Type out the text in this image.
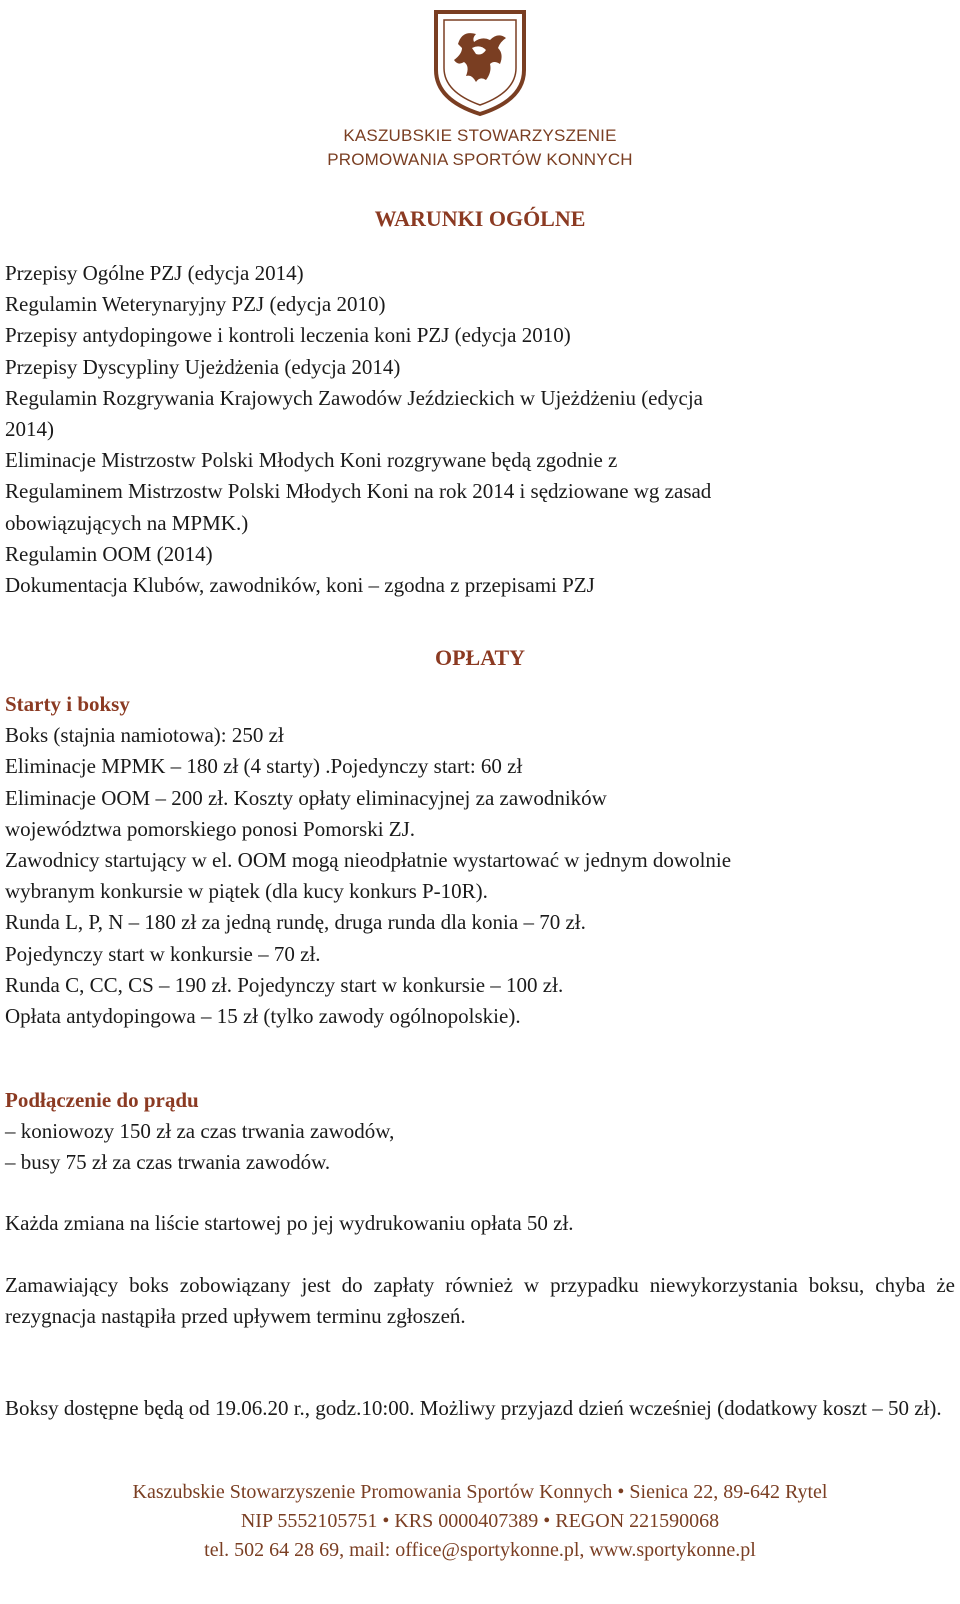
KASZUBSKIE STOWARZYSZENIE
PROMOWANIA SPORTÓW KONNYCH
WARUNKI OGÓLNE
Przepisy Ogólne PZJ (edycja 2014)
Regulamin Weterynaryjny PZJ (edycja 2010)
Przepisy antydopingowe i kontroli leczenia koni PZJ (edycja 2010)
Przepisy Dyscypliny Ujeżdżenia (edycja 2014)
Regulamin Rozgrywania Krajowych Zawodów Jeździeckich w Ujeżdżeniu (edycja
2014)
Eliminacje Mistrzostw Polski Młodych Koni rozgrywane będą zgodnie z
Regulaminem Mistrzostw Polski Młodych Koni na rok 2014 i sędziowane wg zasad
obowiązujących na MPMK.)
Regulamin OOM (2014)
Dokumentacja Klubów, zawodników, koni – zgodna z przepisami PZJ
OPŁATY
Starty i boksy
Boks (stajnia namiotowa): 250 zł
Eliminacje MPMK – 180 zł (4 starty) .Pojedynczy start: 60 zł
Eliminacje OOM – 200 zł. Koszty opłaty eliminacyjnej za zawodników
województwa pomorskiego ponosi Pomorski ZJ.
Zawodnicy startujący w el. OOM mogą nieodpłatnie wystartować w jednym dowolnie
wybranym konkursie w piątek (dla kucy konkurs P-10R).
Runda L, P, N – 180 zł za jedną rundę, druga runda dla konia – 70 zł.
Pojedynczy start w konkursie – 70 zł.
Runda C, CC, CS – 190 zł. Pojedynczy start w konkursie – 100 zł.
Opłata antydopingowa – 15 zł (tylko zawody ogólnopolskie).
Podłączenie do prądu
– koniowozy 150 zł za czas trwania zawodów,
– busy 75 zł za czas trwania zawodów.
Każda zmiana na liście startowej po jej wydrukowaniu opłata 50 zł.
Zamawiający boks zobowiązany jest do zapłaty również w przypadku niewykorzystania boksu, chyba że rezygnacja nastąpiła przed upływem terminu zgłoszeń.
Boksy dostępne będą od 19.06.20 r., godz.10:00. Możliwy przyjazd dzień wcześniej (dodatkowy koszt – 50 zł).
Kaszubskie Stowarzyszenie Promowania Sportów Konnych • Sienica 22, 89-642 Rytel
NIP 5552105751 • KRS 0000407389 • REGON 221590068
tel. 502 64 28 69, mail: office@sportykonne.pl, www.sportykonne.pl
